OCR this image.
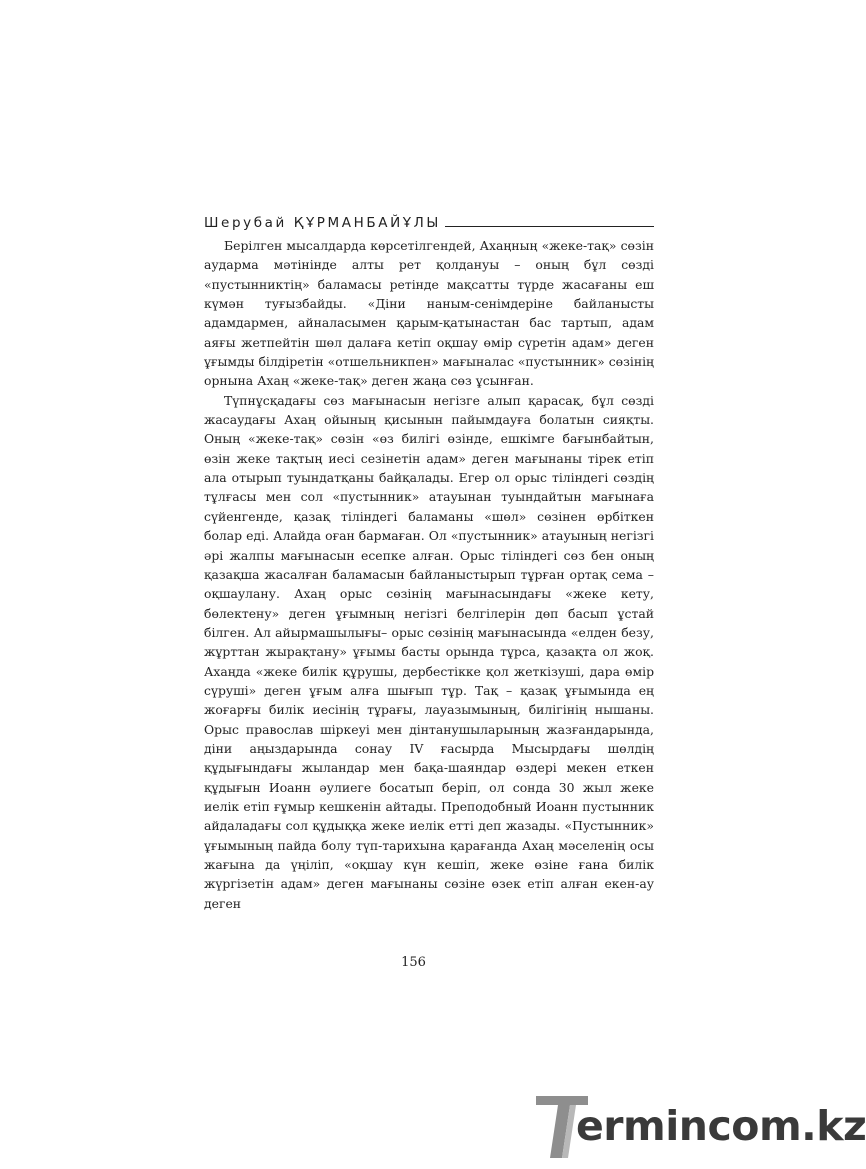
Шерубай ҚҰРМАНБАЙҰЛЫ

Берілген мысалдарда көрсетілгендей, Ахаңның «жеке-тақ» сөзін аударма мәтінінде алты рет қолдануы – оның бұл сөзді «пустынниктің» баламасы ретінде мақсатты түрде жасағаны еш күмән туғызбайды. «Діни наным-сенімдеріне байланысты адамдармен, айналасымен қарым-қатынастан бас тартып, адам аяғы жетпейтін шөл далаға кетіп оқшау өмір сүретін адам» деген ұғымды білдіретін «отшельникпен» мағыналас «пустынник» сөзінің орнына Ахаң «жеке-тақ» деген жаңа сөз ұсынған.

Түпнұсқадағы сөз мағынасын негізге алып қарасақ, бұл сөзді жасаудағы Ахаң ойының қисынын пайымдауға болатын сияқты. Оның «жеке-тақ» сөзін «өз билігі өзінде, ешкімге бағынбайтын, өзін жеке тақтың иесі сезінетін адам» деген мағынаны тірек етіп ала отырып туындатқаны байқалады. Егер ол орыс тіліндегі сөздің тұлғасы мен сол «пустынник» атауынан туындайтын мағынаға сүйенгенде, қазақ тіліндегі баламаны «шөл» сөзінен өрбіткен болар еді. Алайда оған бармаған. Ол «пустынник» атауының негізгі әрі жалпы мағынасын есепке алған. Орыс тіліндегі сөз бен оның қазақша жасалған баламасын байланыстырып тұрған ортақ сема – оқшаулану. Ахаң орыс сөзінің мағынасындағы «жеке кету, бөлектену» деген ұғымның негізгі белгілерін дөп басып ұстай білген. Ал айырмашылығы– орыс сөзінің мағынасында «елден безу, жұрттан жырақтану» ұғымы басты орында тұрса, қазақта ол жоқ. Ахаңда «жеке билік құрушы, дербестікке қол жеткізуші, дара өмір сүруші» деген ұғым алға шығып тұр. Тақ – қазақ ұғымында ең жоғарғы билік иесінің тұрағы, лауазымының, билігінің нышаны. Орыс православ шіркеуі мен дінтанушыларының жазғандарында, діни аңыздарында сонау IV ғасырда Мысырдағы шөлдің құдығындағы жыландар мен бақа-шаяндар өздері мекен еткен құдығын Иоанн әулиеге босатып беріп, ол сонда 30 жыл жеке иелік етіп ғұмыр кешкенін айтады. Преподобный Иоанн пустынник айдаладағы сол құдыққа жеке иелік етті деп жазады. «Пустынник» ұғымының пайда болу түп-тарихына қарағанда Ахаң мәселенің осы жағына да үңіліп, «оқшау күн кешіп, жеке өзіне ғана билік жүргізетін адам» деген мағынаны сөзіне өзек етіп алған екен-ау деген

156
ermincom.kz
